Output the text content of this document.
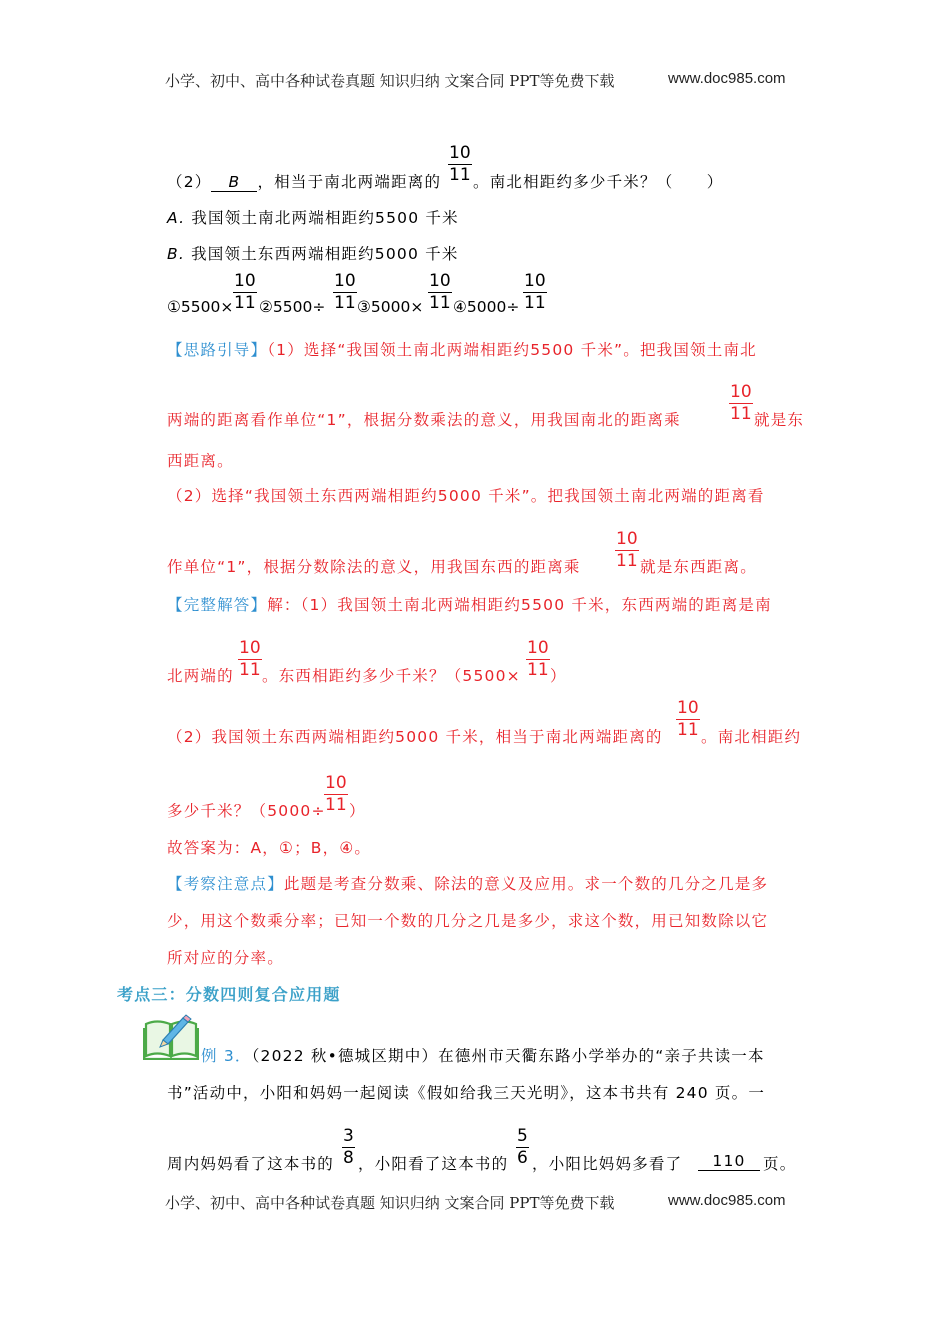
小学、初中、高中各种试卷真题 知识归纳 文案合同 PPT等免费下载	www.doc985.com
（2） B ，相当于南北两端距离的 $\frac{10}{11}$ 。南北相距约多少千米？（　　）
A. 我国领土南北两端相距约5500 千米
B. 我国领土东西两端相距约5000 千米
①5500×
10
11 ②5500÷
10
11 ③5000×
10
11 ④5000÷
10
11
【思路引导】（1）选择“我国领土南北两端相距约5500 千米”。把我国领土南北
两端的距离看作单位“1”，根据分数乘法的意义，用我国南北的距离乘
10
11 就是东
西距离。
（2）选择“我国领土东西两端相距约5000 千米”。把我国领土南北两端的距离看
作单位“1”，根据分数除法的意义，用我国东西的距离乘
10
11 就是东西距离。
【完整解答】解：（1）我国领土南北两端相距约5500 千米，东西两端的距离是南
北两端的
10
11 。东西相距约多少千米？（5500×
10
11 ）
（2）我国领土东西两端相距约5000 千米，相当于南北两端距离的
10
11 。南北相距约
多少千米？（5000÷
10
11 ）
故答案为：A，①；B，④。
【考察注意点】此题是考查分数乘、除法的意义及应用。求一个数的几分之几是多
少，用这个数乘分率；已知一个数的几分之几是多少，求这个数，用已知数除以它
所对应的分率。
考点三：分数四则复合应用题
例 3．（2022 秋•德城区期中）在德州市天衢东路小学举办的“亲子共读一本
书”活动中，小阳和妈妈一起阅读《假如给我三天光明》，这本书共有 240 页。一
周内妈妈看了这本书的
3
8 ，小阳看了这本书的
5
6 ，小阳比妈妈多看了	110	页。
小学、初中、高中各种试卷真题 知识归纳 文案合同 PPT等免费下载	www.doc985.com
